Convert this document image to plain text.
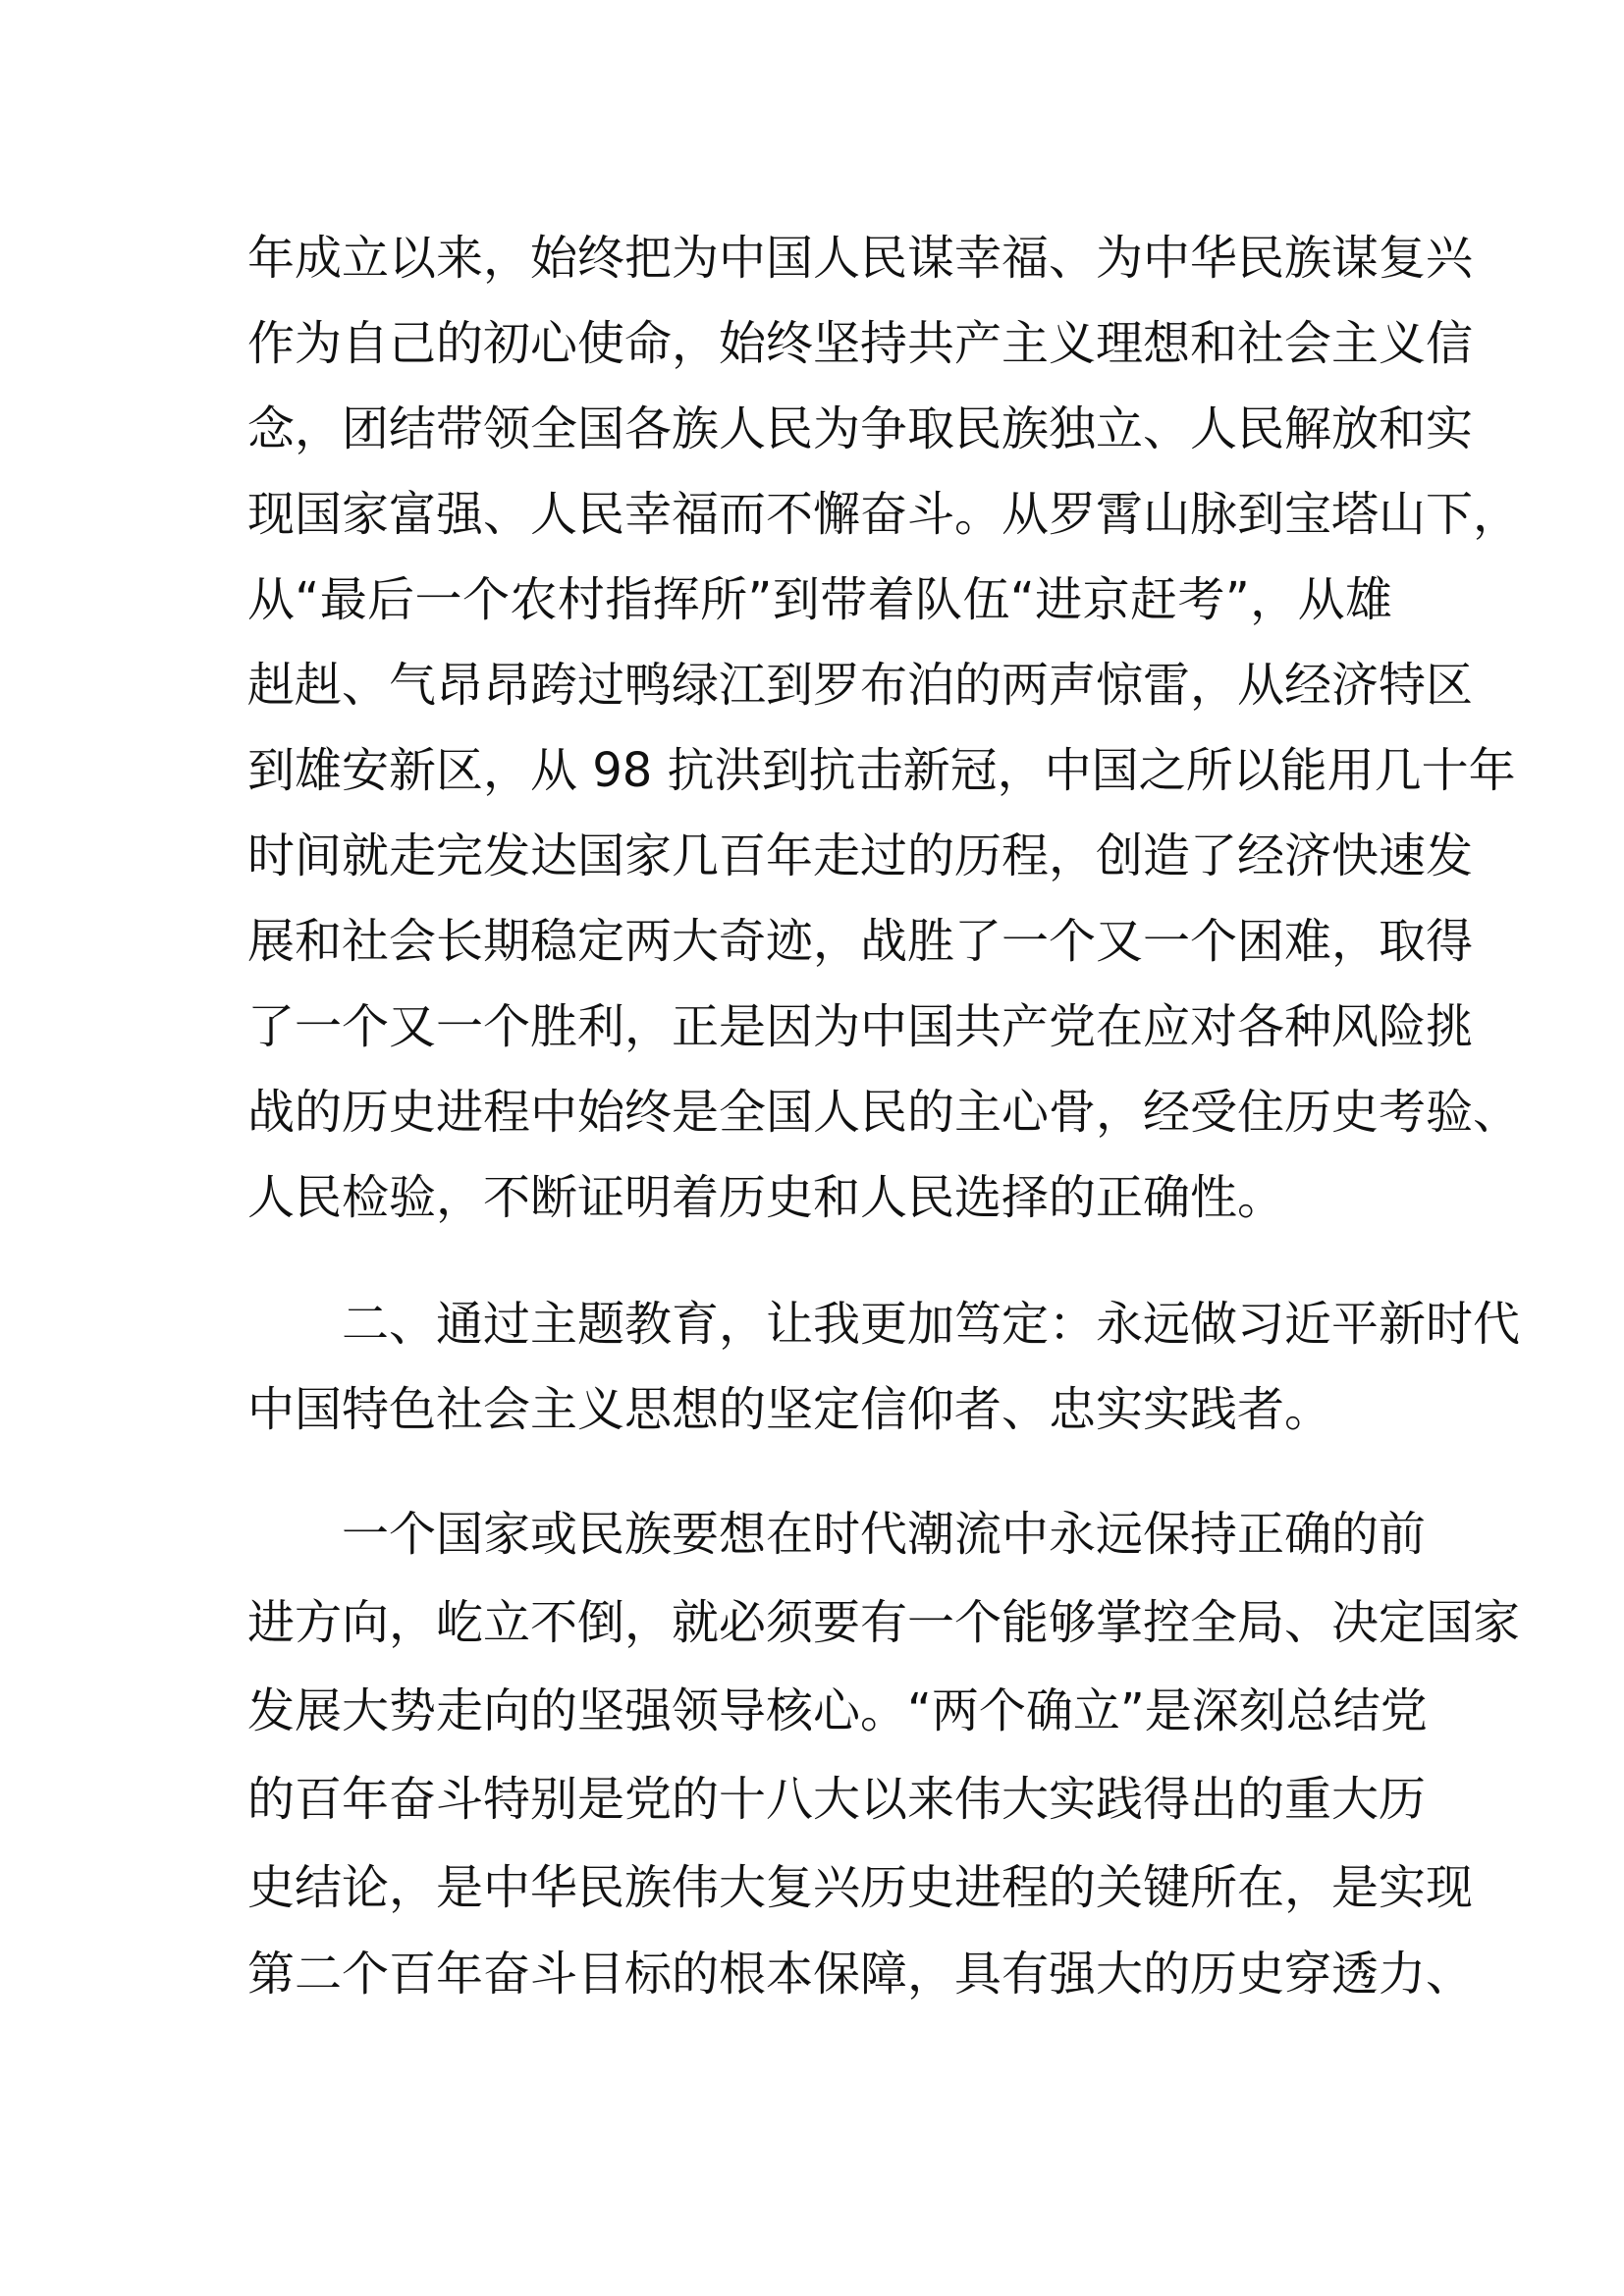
年成立以来，始终把为中国人民谋幸福、为中华民族谋复兴
作为自己的初心使命，始终坚持共产主义理想和社会主义信
念，团结带领全国各族人民为争取民族独立、人民解放和实
现国家富强、人民幸福而不懈奋斗。从罗霄山脉到宝塔山下，
从“最后一个农村指挥所”到带着队伍“进京赶考”，从雄
赳赳、气昂昂跨过鸭绿江到罗布泊的两声惊雷，从经济特区
到雄安新区，从 98 抗洪到抗击新冠，中国之所以能用几十年
时间就走完发达国家几百年走过的历程，创造了经济快速发
展和社会长期稳定两大奇迹，战胜了一个又一个困难，取得
了一个又一个胜利，正是因为中国共产党在应对各种风险挑
战的历史进程中始终是全国人民的主心骨，经受住历史考验、
人民检验，不断证明着历史和人民选择的正确性。
二、通过主题教育，让我更加笃定：永远做习近平新时代
中国特色社会主义思想的坚定信仰者、忠实实践者。
一个国家或民族要想在时代潮流中永远保持正确的前
进方向，屹立不倒，就必须要有一个能够掌控全局、决定国家
发展大势走向的坚强领导核心。“两个确立”是深刻总结党
的百年奋斗特别是党的十八大以来伟大实践得出的重大历
史结论，是中华民族伟大复兴历史进程的关键所在，是实现
第二个百年奋斗目标的根本保障，具有强大的历史穿透力、
